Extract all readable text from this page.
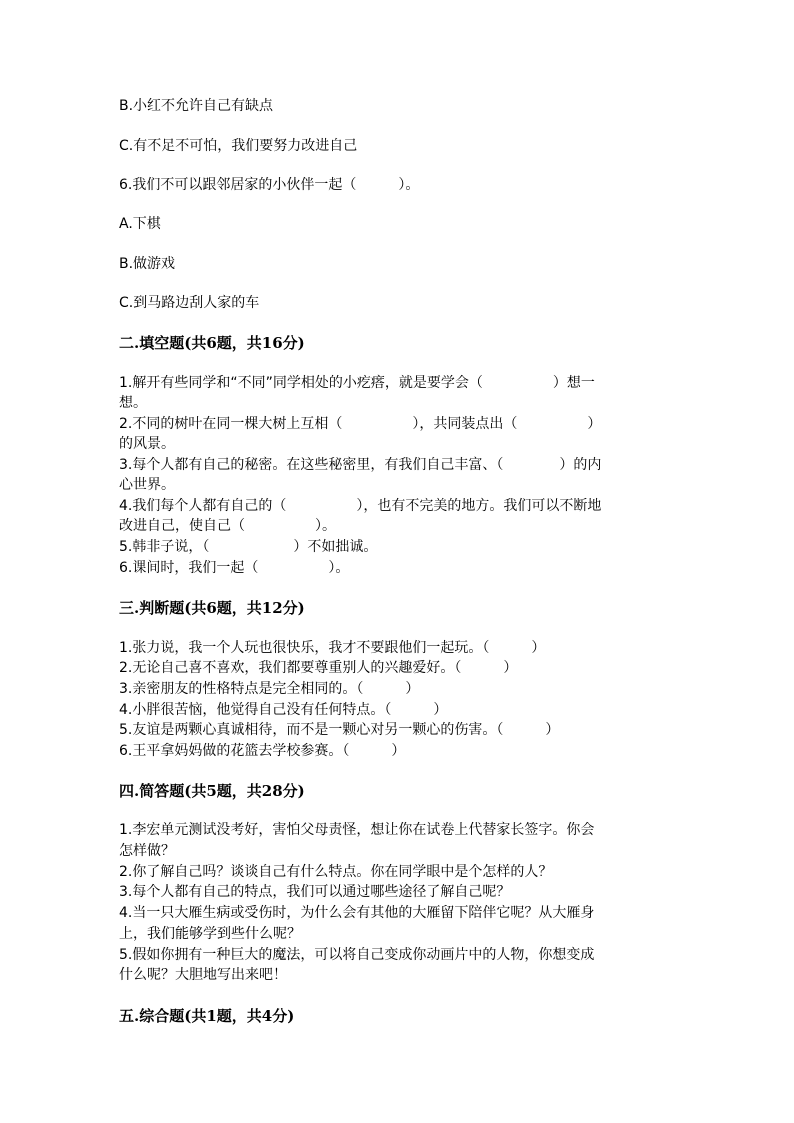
B.小红不允许自己有缺点
C.有不足不可怕，我们要努力改进自己
6.我们不可以跟邻居家的小伙伴一起（　　　）。
A.下棋
B.做游戏
C.到马路边刮人家的车
二.填空题(共6题，共16分)
1.解开有些同学和“不同”同学相处的小疙瘩，就是要学会（　　　　　）想一
想。
2.不同的树叶在同一棵大树上互相（　　　　　），共同装点出（　　　　　）
的风景。
3.每个人都有自己的秘密。在这些秘密里，有我们自己丰富、（　　　　）的内
心世界。
4.我们每个人都有自己的（　　　　　），也有不完美的地方。我们可以不断地
改进自己，使自己（　　　　　）。
5.韩非子说，（　　　　　　）不如拙诚。
6.课间时，我们一起（　　　　　）。
三.判断题(共6题，共12分)
1.张力说，我一个人玩也很快乐，我才不要跟他们一起玩。（　　　）
2.无论自己喜不喜欢，我们都要尊重别人的兴趣爱好。（　　　）
3.亲密朋友的性格特点是完全相同的。（　　　）
4.小胖很苦恼，他觉得自己没有任何特点。（　　　）
5.友谊是两颗心真诚相待，而不是一颗心对另一颗心的伤害。（　　　）
6.王平拿妈妈做的花篮去学校参赛。（　　　）
四.简答题(共5题，共28分)
1.李宏单元测试没考好，害怕父母责怪，想让你在试卷上代替家长签字。你会
怎样做？
2.你了解自己吗？谈谈自己有什么特点。你在同学眼中是个怎样的人？
3.每个人都有自己的特点，我们可以通过哪些途径了解自己呢？
4.当一只大雁生病或受伤时，为什么会有其他的大雁留下陪伴它呢？从大雁身
上，我们能够学到些什么呢？
5.假如你拥有一种巨大的魔法，可以将自己变成你动画片中的人物，你想变成
什么呢？大胆地写出来吧！
五.综合题(共1题，共4分)
